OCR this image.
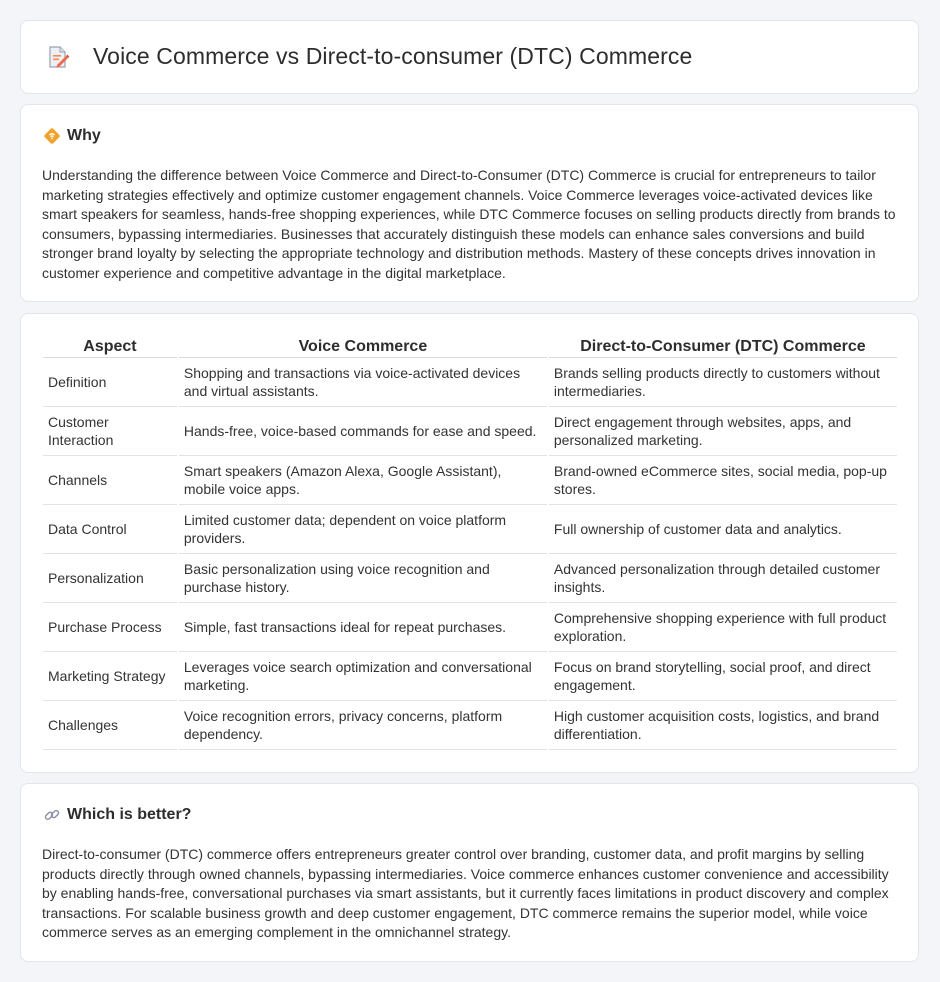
Voice Commerce vs Direct-to-consumer (DTC) Commerce
Why

Understanding the difference between Voice Commerce and Direct-to-Consumer (DTC) Commerce is crucial for entrepreneurs to tailor marketing strategies effectively and optimize customer engagement channels. Voice Commerce leverages voice-activated devices like smart speakers for seamless, hands-free shopping experiences, while DTC Commerce focuses on selling products directly from brands to consumers, bypassing intermediaries. Businesses that accurately distinguish these models can enhance sales conversions and build stronger brand loyalty by selecting the appropriate technology and distribution methods. Mastery of these concepts drives innovation in customer experience and competitive advantage in the digital marketplace.

Aspect	Voice Commerce	Direct-to-Consumer (DTC) Commerce
Definition	Shopping and transactions via voice-activated devices and virtual assistants.	Brands selling products directly to customers without intermediaries.
Customer Interaction	Hands-free, voice-based commands for ease and speed.	Direct engagement through websites, apps, and personalized marketing.
Channels	Smart speakers (Amazon Alexa, Google Assistant), mobile voice apps.	Brand-owned eCommerce sites, social media, pop-up stores.
Data Control	Limited customer data; dependent on voice platform providers.	Full ownership of customer data and analytics.
Personalization	Basic personalization using voice recognition and purchase history.	Advanced personalization through detailed customer insights.
Purchase Process	Simple, fast transactions ideal for repeat purchases.	Comprehensive shopping experience with full product exploration.
Marketing Strategy	Leverages voice search optimization and conversational marketing.	Focus on brand storytelling, social proof, and direct engagement.
Challenges	Voice recognition errors, privacy concerns, platform dependency.	High customer acquisition costs, logistics, and brand differentiation.
Which is better?

Direct-to-consumer (DTC) commerce offers entrepreneurs greater control over branding, customer data, and profit margins by selling products directly through owned channels, bypassing intermediaries. Voice commerce enhances customer convenience and accessibility by enabling hands-free, conversational purchases via smart assistants, but it currently faces limitations in product discovery and complex transactions. For scalable business growth and deep customer engagement, DTC commerce remains the superior model, while voice commerce serves as an emerging complement in the omnichannel strategy.
